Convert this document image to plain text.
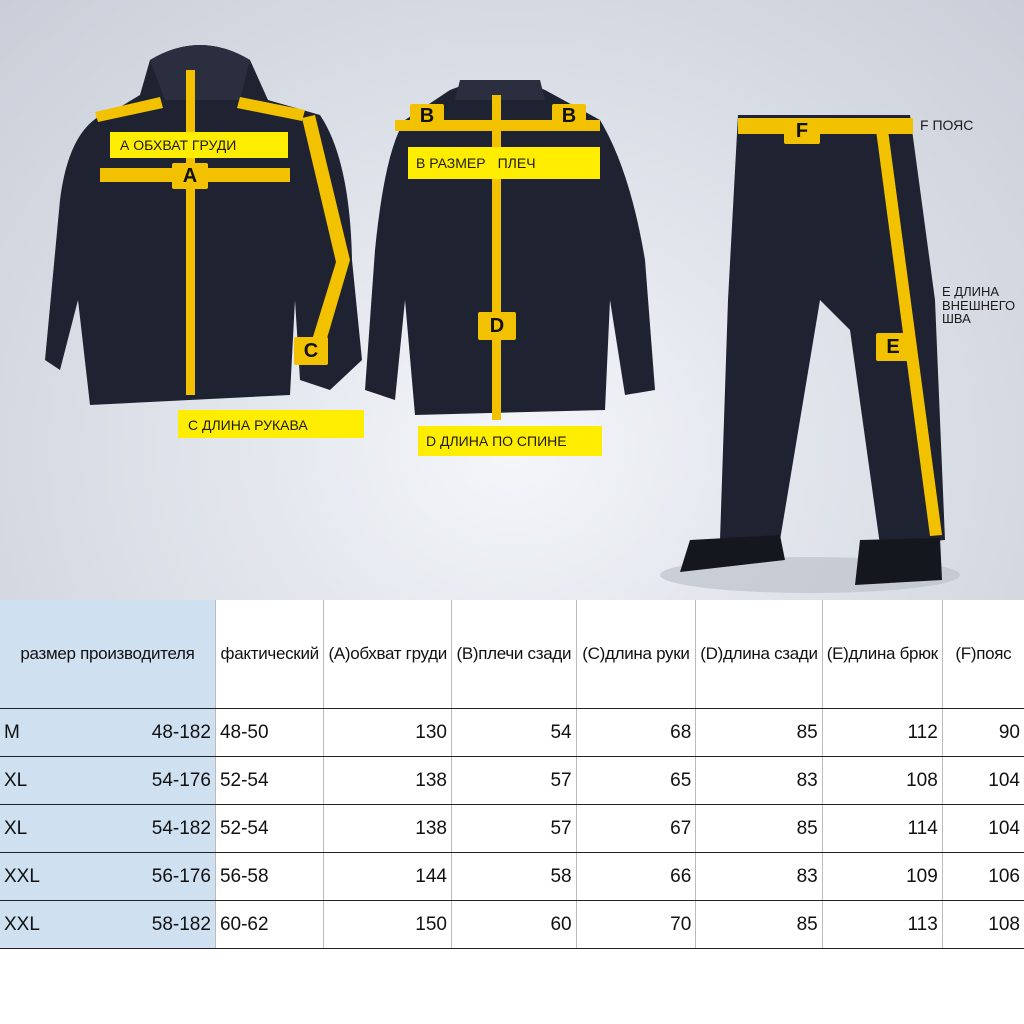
А ОБХВАТ ГРУДИ
В РАЗМЕР ПЛЕЧ
С ДЛИНА РУКАВА
D ДЛИНА ПО СПИНЕ
F ПОЯС
E ДЛИНА
ВНЕШНЕГО
ШВА
A
B	B
C
D
E
F
размер производителя	фактический	(А)обхват груди	(В)плечи сзади	(С)длина руки	(D)длина сзади	(E)длина брюк	(F)пояс

M 48-182	48-50	130	54	68	85	112	90

XL 54-176	52-54	138	57	65	83	108	104

XL 54-182	52-54	138	57	67	85	114	104

XXL 56-176	56-58	144	58	66	83	109	106

XXL 58-182	60-62	150	60	70	85	113	108
